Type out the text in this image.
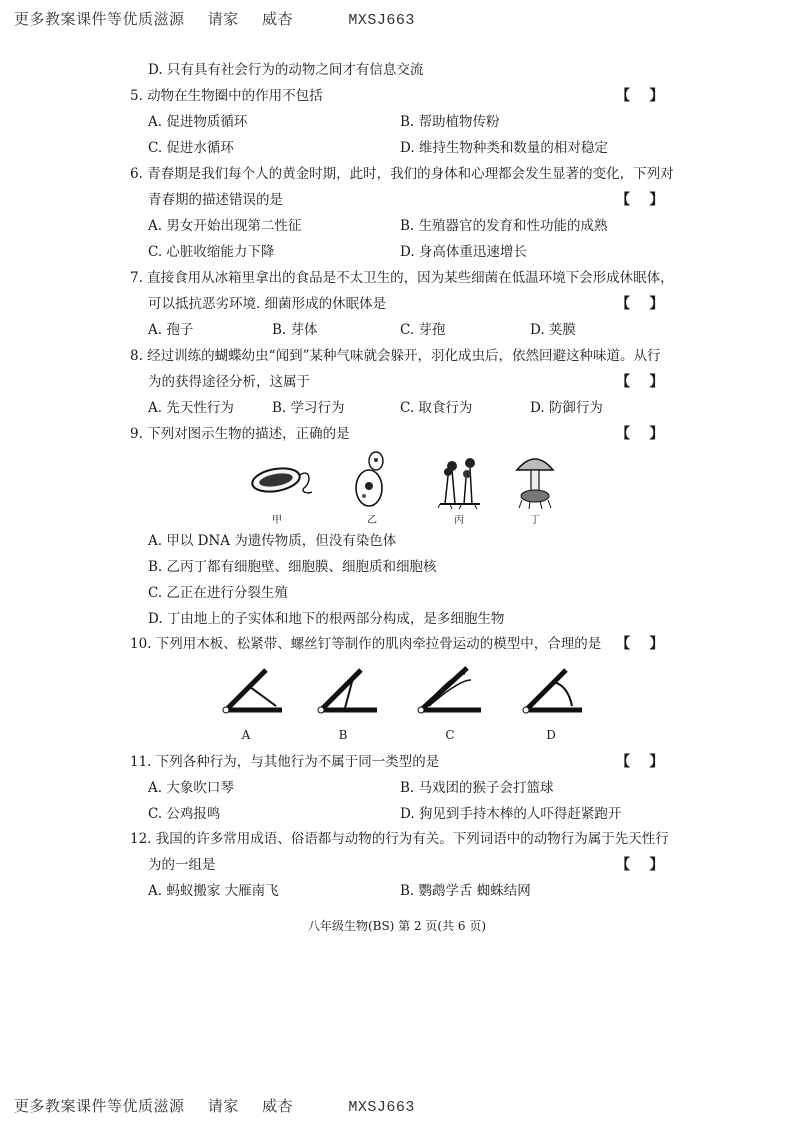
更多教案课件等优质滋源 请家 威杏	MXSJ663
D. 只有具有社会行为的动物之间才有信息交流
5. 动物在生物圈中的作用不包括	【    】
A. 促进物质循环	B. 帮助植物传粉
C. 促进水循环	D. 维持生物种类和数量的相对稳定
6. 青春期是我们每个人的黄金时期，此时，我们的身体和心理都会发生显著的变化，下列对
青春期的描述错误的是	【    】
A. 男女开始出现第二性征	B. 生殖器官的发育和性功能的成熟
C. 心脏收缩能力下降	D. 身高体重迅速增长
7. 直接食用从冰箱里拿出的食品是不太卫生的，因为某些细菌在低温环境下会形成休眠体，
可以抵抗恶劣环境. 细菌形成的休眠体是	【    】
A. 孢子	B. 芽体	C. 芽孢	D. 荚膜
8. 经过训练的蝴蝶幼虫“闻到”某种气味就会躲开，羽化成虫后，依然回避这种味道。从行
为的获得途径分析，这属于	【    】
A. 先天性行为	B. 学习行为	C. 取食行为	D. 防御行为
9. 下列对图示生物的描述，正确的是	【    】
甲	乙	丙	丁
A. 甲以 DNA 为遗传物质，但没有染色体
B. 乙丙丁都有细胞壁、细胞膜、细胞质和细胞核
C. 乙正在进行分裂生殖
D. 丁由地上的子实体和地下的根两部分构成，是多细胞生物
10. 下列用木板、松紧带、螺丝钉等制作的肌肉牵拉骨运动的模型中，合理的是 【    】
A	B	C	D
11. 下列各种行为，与其他行为不属于同一类型的是	【    】
A. 大象吹口琴	B. 马戏团的猴子会打篮球
C. 公鸡报鸣	D. 狗见到手持木棒的人吓得赶紧跑开
12. 我国的许多常用成语、俗语都与动物的行为有关。下列词语中的动物行为属于先天性行
为的一组是	【    】
A. 蚂蚁搬家 大雁南飞	B. 鹦鹉学舌 蜘蛛结网
八年级生物(BS) 第 2 页(共 6 页)
更多教案课件等优质滋源 请家 威杏	MXSJ663
